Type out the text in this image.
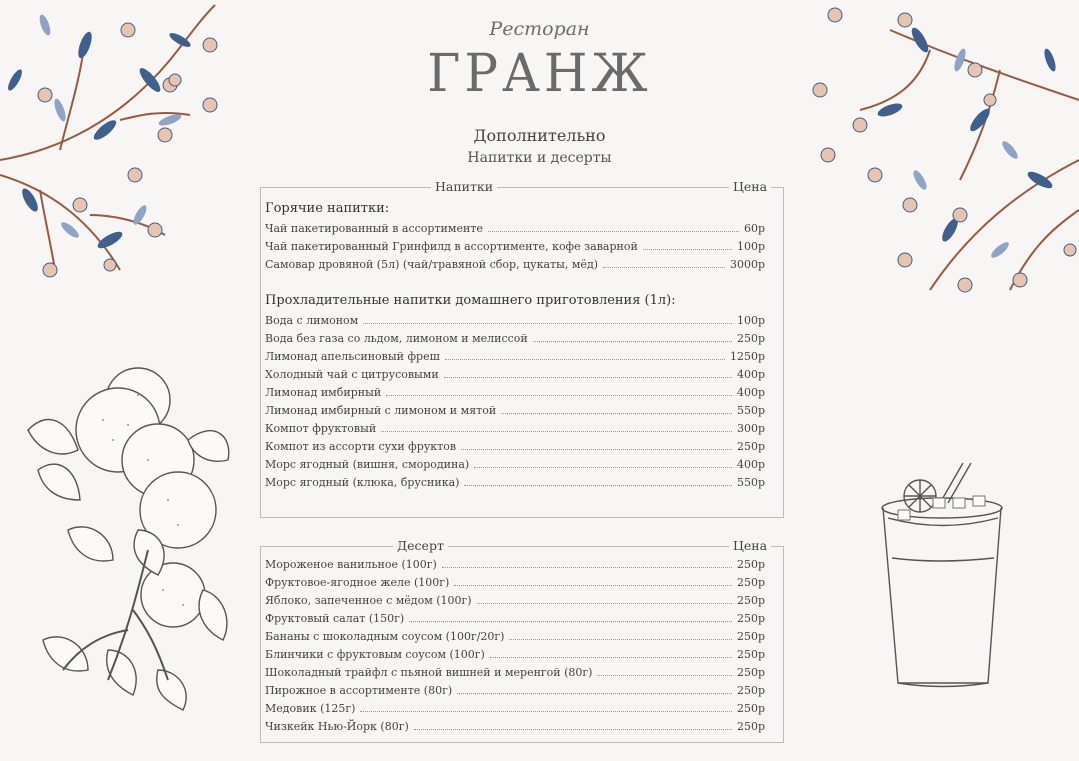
Ресторан
ГРАНЖ
Дополнительно
Напитки и десерты
Напитки	Цена
Горячие напитки:
Чай пакетированный в ассортименте	60р
Чай пакетированный Гринфилд в ассортименте, кофе заварной	100р
Самовар дровяной (5л) (чай/травяной сбор, цукаты, мёд)	3000р
Прохладительные напитки домашнего приготовления (1л):
Вода с лимоном	100р
Вода без газа со льдом, лимоном и мелиссой	250р
Лимонад апельсиновый фреш	1250р
Холодный чай с цитрусовыми	400р
Лимонад имбирный	400р
Лимонад имбирный с лимоном и мятой	550р
Компот фруктовый	300р
Компот из ассорти сухи фруктов	250р
Морс ягодный (вишня, смородина)	400р
Морс ягодный (клюка, брусника)	550р
Десерт	Цена
Мороженое ванильное (100г)	250р
Фруктовое-ягодное желе (100г)	250р
Яблоко, запеченное с мёдом (100г)	250р
Фруктовый салат (150г)	250р
Бананы с шоколадным соусом (100г/20г)	250р
Блинчики с фруктовым соусом (100г)	250р
Шоколадный трайфл с пьяной вишней и меренгой (80г)	250р
Пирожное в ассортименте (80г)	250р
Медовик (125г)	250р
Чизкейк Нью-Йорк (80г)	250р
